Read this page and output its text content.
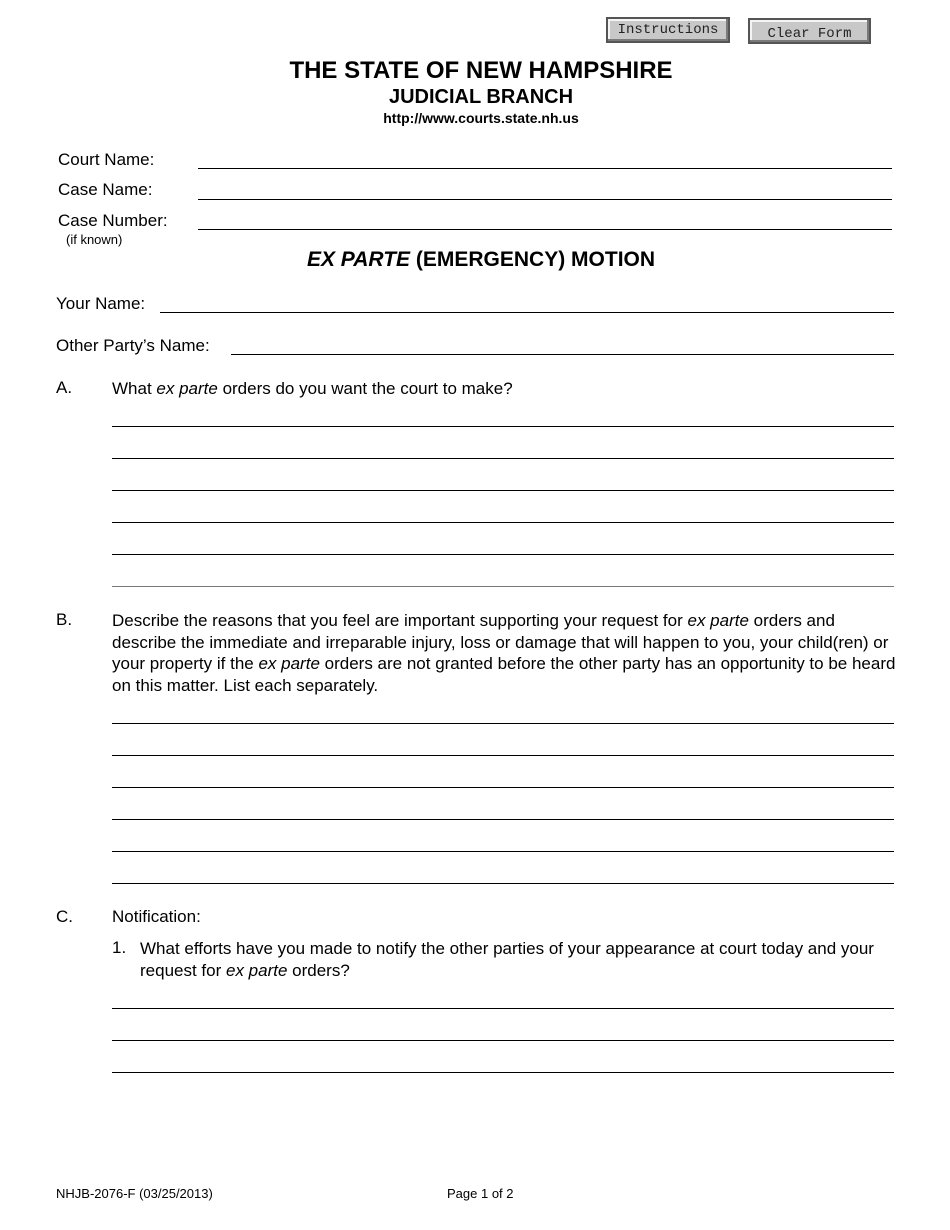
Instructions	Clear Form
THE STATE OF NEW HAMPSHIRE
JUDICIAL BRANCH
http://www.courts.state.nh.us
Court Name:
Case Name:
Case Number:
(if known)
EX PARTE (EMERGENCY) MOTION
Your Name:
Other Party’s Name:
A. What ex parte orders do you want the court to make?
B. Describe the reasons that you feel are important supporting your request for ex parte orders and describe the immediate and irreparable injury, loss or damage that will happen to you, your child(ren) or your property if the ex parte orders are not granted before the other party has an opportunity to be heard on this matter. List each separately.
C. Notification:
1. What efforts have you made to notify the other parties of your appearance at court today and your request for ex parte orders?
NHJB-2076-F (03/25/2013)	Page 1 of 2
